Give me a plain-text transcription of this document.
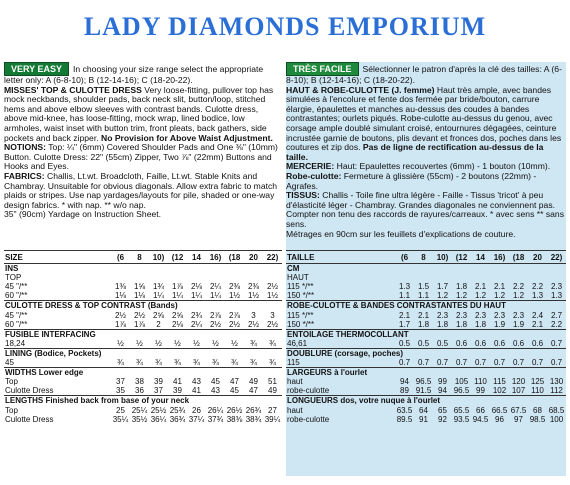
LADY DIAMONDS EMPORIUM

VERY EASY In choosing your size range select the appropriate letter only: A (6-8-10); B (12-14-16); C (18-20-22).

MISSES' TOP & CULOTTE DRESS Very loose-fitting, pullover top has mock neckbands, shoulder pads, back neck slit, button/loop, stitched hems and above elbow sleeves with contrast bands. Culotte dress, above mid-knee, has loose-fitting, mock wrap, lined bodice, low armholes, waist inset with button trim, front pleats, back gathers, side pockets and back zipper. No Provision for Above Waist Adjustment.

NOTIONS: Top: ¼" (6mm) Covered Shoulder Pads and One ⅜" (10mm) Button. Culotte Dress: 22" (55cm) Zipper, Two ⅞" (22mm) Buttons and Hooks and Eyes.

FABRICS: Challis, Lt.wt. Broadcloth, Faille, Lt.wt. Stable Knits and Chambray. Unsuitable for obvious diagonals. Allow extra fabric to match plaids or stripes. Use nap yardages/layouts for pile, shaded or one-way design fabrics. * with nap. ** w/o nap.

35" (90cm) Yardage on Instruction Sheet.

TRÈS FACILE Sélectionner le patron d'après la clé des tailles: A (6-8-10); B (12-14-16); C (18-20-22).

HAUT & ROBE-CULOTTE (J. femme) Haut très ample, avec bandes simulées à l'encolure et fente dos fermée par bride/bouton, carrure élargie, épaulettes et manches au-dessus des coudes à bandes contrastantes; ourlets piqués. Robe-culotte au-dessus du genou, avec corsage ample doublé simulant croisé, entournures dégagées, ceinture incrustée garnie de boutons, plis devant et fronces dos, poches dans les coutures et zip dos. Pas de ligne de rectification au-dessus de la taille.

MERCERIE: Haut: Epaulettes recouvertes (6mm) - 1 bouton (10mm).
Robe-culotte: Fermeture à glissière (55cm) - 2 boutons (22mm) - Agrafes.

TISSUS: Challis - Toile fine ultra légère - Faille - Tissus 'tricot' à peu d'élasticité léger - Chambray. Grandes diagonales ne conviennent pas. Compter non tenu des raccords de rayures/carreaux. * avec sens ** sans sens.

Métrages en 90cm sur les feuillets d'explications de couture.

SIZE	(6	8	10)	(12	14	16)	(18	20	22)
INS									
TOP									
45 "/**	1⅜	1⅝	1¾	1⅞	2⅛	2¼	2⅜	2⅜	2½
60 "/**	1⅛	1⅛	1¼	1¼	1¼	1¼	1½	1½	1½
CULOTTE DRESS & TOP CONTRAST (Bands)									
45 "/**	2½	2½	2⅝	2⅝	2¾	2⅞	2⅞	3	3
60 "/**	1⅞	1⅞	2	2⅛	2¼	2½	2½	2½	2½
FUSIBLE INTERFACING									
18,24	½	½	½	½	½	½	½	¾	¾
LINING (Bodice, Pockets)									
45	¾	¾	¾	¾	¾	¾	¾	¾	¾
WIDTHS Lower edge									
Top	37	38	39	41	43	45	47	49	51
Culotte Dress	35	36	37	39	41	43	45	47	49
LENGTHS Finished back from base of your neck									
Top	25	25¼	25½	25¾	26	26¼	26½	26¾	27
Culotte Dress	35¼	35½	36¼	36¾	37¼	37¾	38⅜	38¾	39¼
TAILLE	(6	8	10)	(12	14	16)	(18	20	22)
CM									
HAUT									
115 */**	1.3	1.5	1.7	1.8	2.1	2.1	2.2	2.2	2.3
150 */**	1.1	1.1	1.2	1.2	1.2	1.2	1.2	1.3	1.3
ROBE-CULOTTE & BANDES CONTRASTANTES DU HAUT									
115 */**	2.1	2.1	2.3	2.3	2.3	2.3	2.3	2.4	2.7
150 */**	1.7	1.8	1.8	1.8	1.8	1.9	1.9	2.1	2.2
ENTOILAGE THERMOCOLLANT									
46,61	0.5	0.5	0.5	0.6	0.6	0.6	0.6	0.6	0.7
DOUBLURE (corsage, poches)									
115	0.7	0.7	0.7	0.7	0.7	0.7	0.7	0.7	0.7
LARGEURS à l'ourlet									
haut	94	96.5	99	105	110	115	120	125	130
robe-culotte	89	91.5	94	96.5	99	102	107	110	112
LONGUEURS dos, votre nuque à l'ourlet									
haut	63.5	64	65	65.5	66	66.5	67.5	68	68.5
robe-culotte	89.5	91	92	93.5	94.5	96	97	98.5	100
